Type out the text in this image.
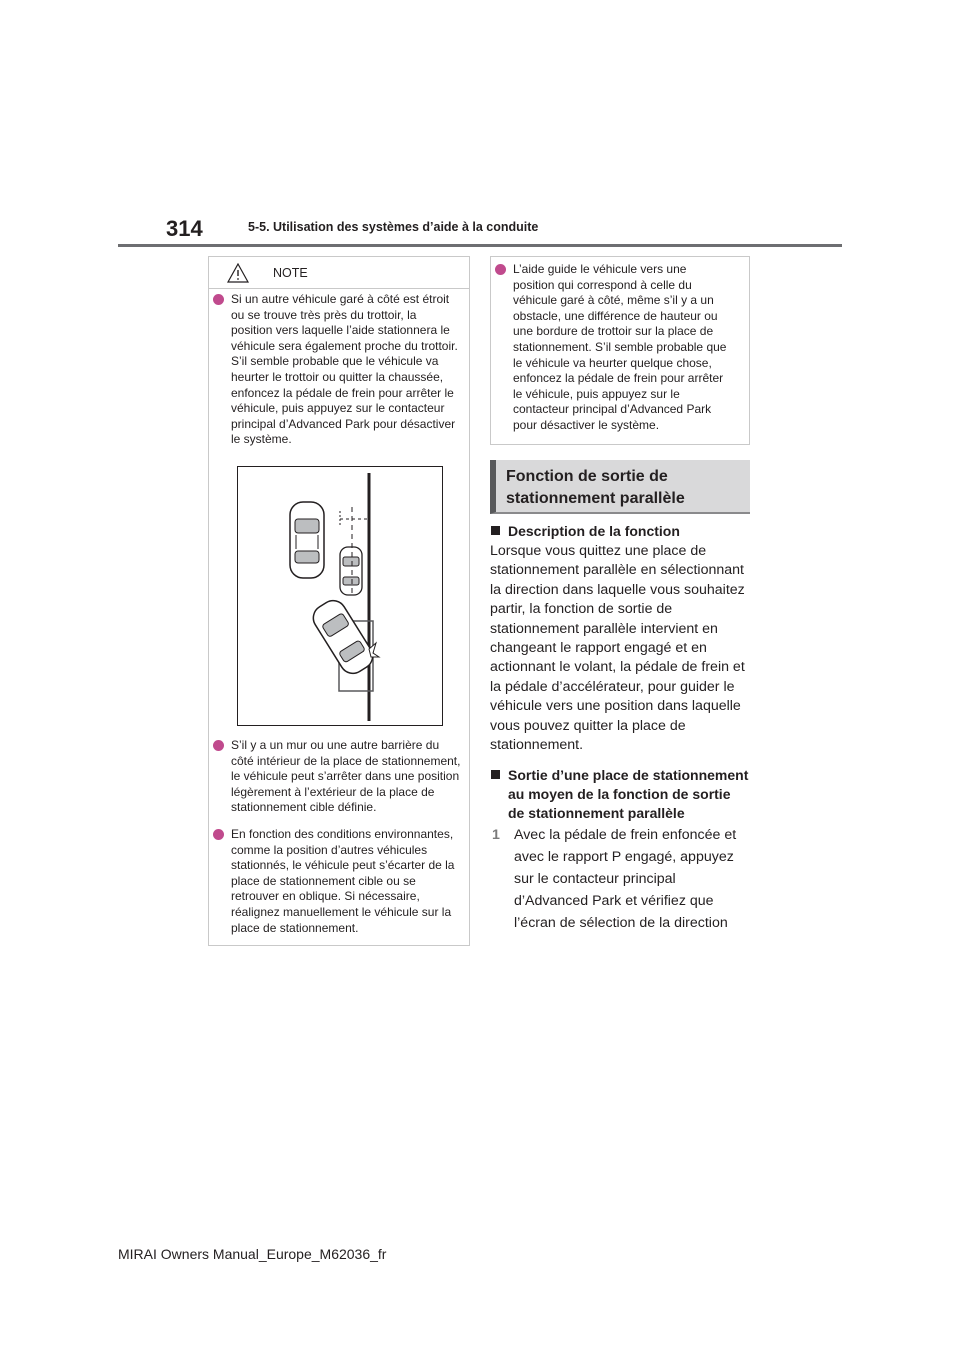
314	5-5. Utilisation des systèmes d’aide à la conduite
NOTE
Si un autre véhicule garé à côté est étroit ou se trouve très près du trottoir, la position vers laquelle l’aide stationnera le véhicule sera également proche du trottoir. S’il semble probable que le véhicule va heurter le trottoir ou quitter la chaussée, enfoncez la pédale de frein pour arrêter le véhicule, puis appuyez sur le contacteur principal d’Advanced Park pour désactiver le système.
S’il y a un mur ou une autre barrière du côté intérieur de la place de stationnement, le véhicule peut s’arrêter dans une position légèrement à l’extérieur de la place de stationnement cible définie.
En fonction des conditions environnantes, comme la position d’autres véhicules stationnés, le véhicule peut s’écarter de la place de stationnement cible ou se retrouver en oblique. Si nécessaire, réalignez manuellement le véhicule sur la place de stationnement.
L’aide guide le véhicule vers une position qui correspond à celle du véhicule garé à côté, même s’il y a un obstacle, une différence de hauteur ou une bordure de trottoir sur la place de stationnement. S’il semble probable que le véhicule va heurter quelque chose, enfoncez la pédale de frein pour arrêter le véhicule, puis appuyez sur le contacteur principal d’Advanced Park pour désactiver le système.
Fonction de sortie de stationnement parallèle
Description de la fonction
Lorsque vous quittez une place de stationnement parallèle en sélectionnant la direction dans laquelle vous souhaitez partir, la fonction de sortie de stationnement parallèle intervient en changeant le rapport engagé et en actionnant le volant, la pédale de frein et la pédale d’accélérateur, pour guider le véhicule vers une position dans laquelle vous pouvez quitter la place de stationnement.
Sortie d’une place de stationnement au moyen de la fonction de sortie de stationnement parallèle
1 Avec la pédale de frein enfoncée et avec le rapport P engagé, appuyez sur le contacteur principal d’Advanced Park et vérifiez que l’écran de sélection de la direction
MIRAI Owners Manual_Europe_M62036_fr
